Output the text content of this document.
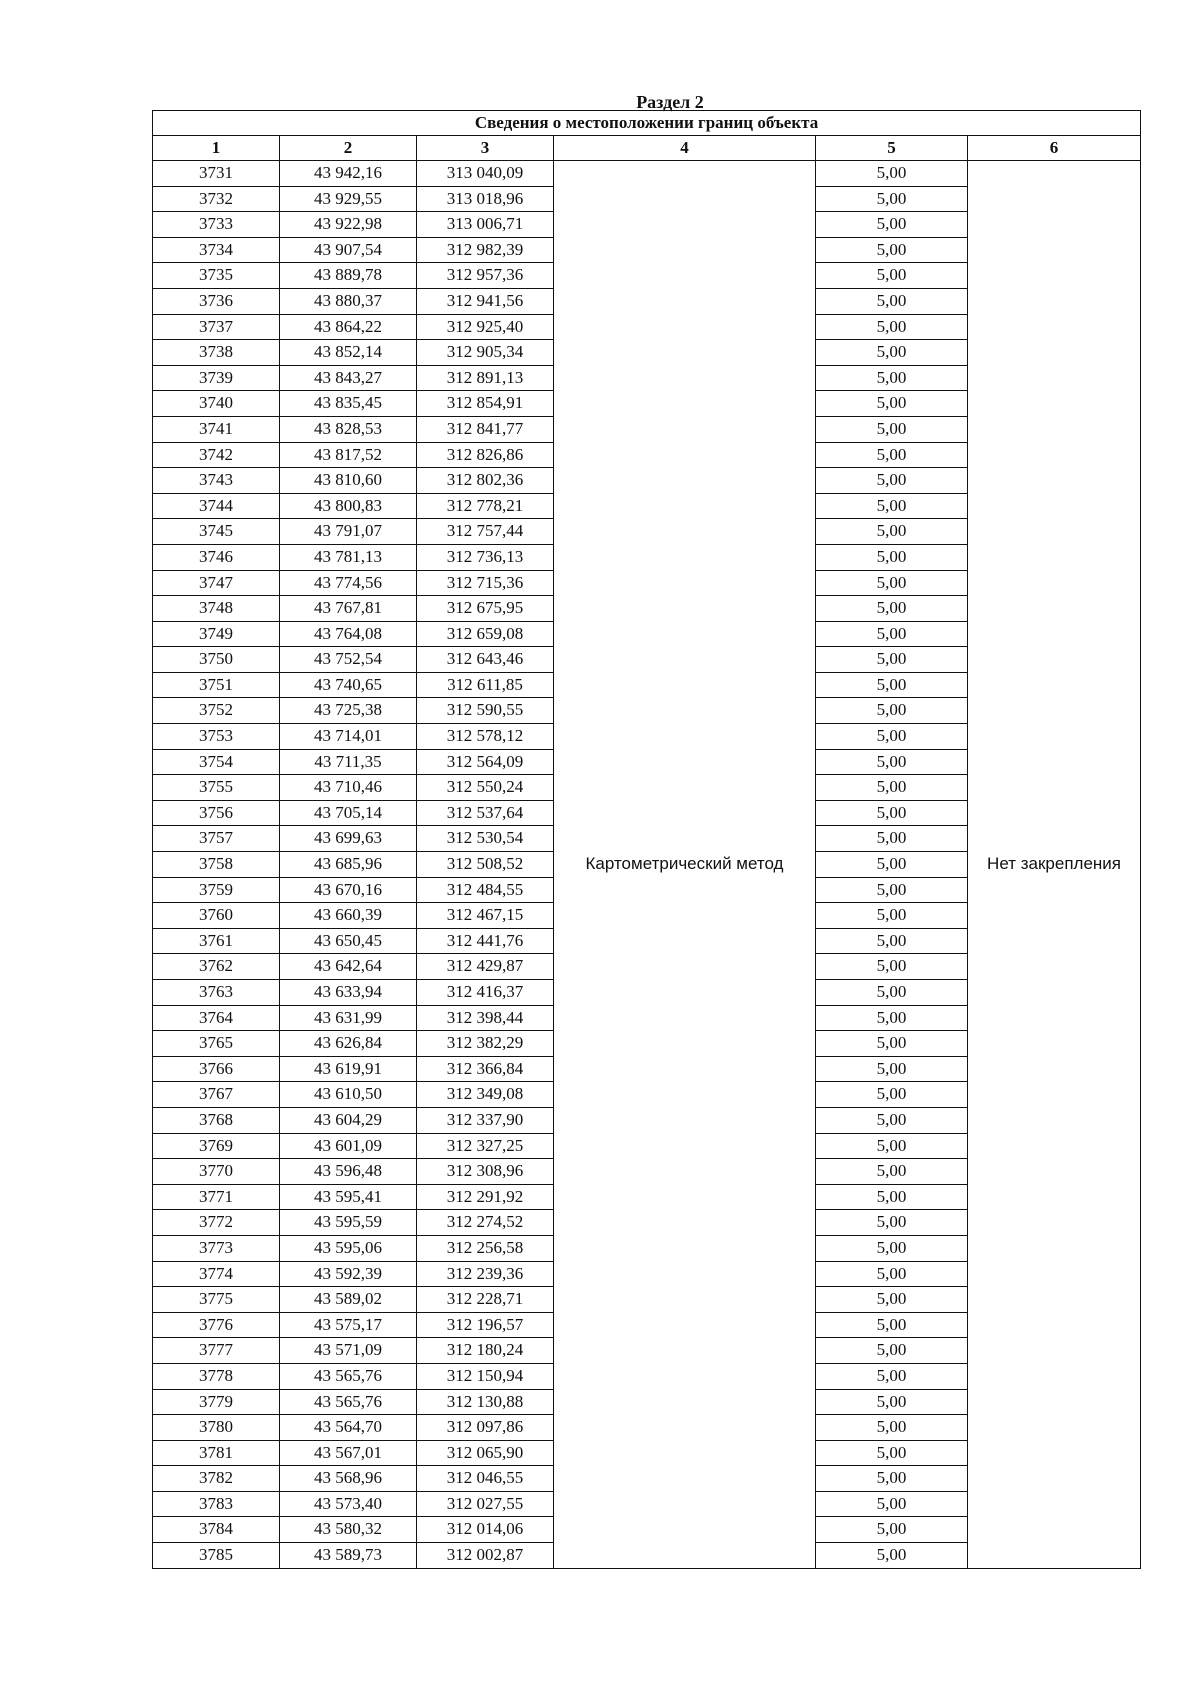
Раздел 2
Сведения о местоположении границ объекта					
1	2	3	4	5	6
3731	43 942,16	313 040,09	Картометрический метод	5,00	Нет закрепления
3732	43 929,55	313 018,96		5,00	
3733	43 922,98	313 006,71		5,00	
3734	43 907,54	312 982,39		5,00	
3735	43 889,78	312 957,36		5,00	
3736	43 880,37	312 941,56		5,00	
3737	43 864,22	312 925,40		5,00	
3738	43 852,14	312 905,34		5,00	
3739	43 843,27	312 891,13		5,00	
3740	43 835,45	312 854,91		5,00	
3741	43 828,53	312 841,77		5,00	
3742	43 817,52	312 826,86		5,00	
3743	43 810,60	312 802,36		5,00	
3744	43 800,83	312 778,21		5,00	
3745	43 791,07	312 757,44		5,00	
3746	43 781,13	312 736,13		5,00	
3747	43 774,56	312 715,36		5,00	
3748	43 767,81	312 675,95		5,00	
3749	43 764,08	312 659,08		5,00	
3750	43 752,54	312 643,46		5,00	
3751	43 740,65	312 611,85		5,00	
3752	43 725,38	312 590,55		5,00	
3753	43 714,01	312 578,12		5,00	
3754	43 711,35	312 564,09		5,00	
3755	43 710,46	312 550,24		5,00	
3756	43 705,14	312 537,64		5,00	
3757	43 699,63	312 530,54		5,00	
3758	43 685,96	312 508,52		5,00	
3759	43 670,16	312 484,55		5,00	
3760	43 660,39	312 467,15		5,00	
3761	43 650,45	312 441,76		5,00	
3762	43 642,64	312 429,87		5,00	
3763	43 633,94	312 416,37		5,00	
3764	43 631,99	312 398,44		5,00	
3765	43 626,84	312 382,29		5,00	
3766	43 619,91	312 366,84		5,00	
3767	43 610,50	312 349,08		5,00	
3768	43 604,29	312 337,90		5,00	
3769	43 601,09	312 327,25		5,00	
3770	43 596,48	312 308,96		5,00	
3771	43 595,41	312 291,92		5,00	
3772	43 595,59	312 274,52		5,00	
3773	43 595,06	312 256,58		5,00	
3774	43 592,39	312 239,36		5,00	
3775	43 589,02	312 228,71		5,00	
3776	43 575,17	312 196,57		5,00	
3777	43 571,09	312 180,24		5,00	
3778	43 565,76	312 150,94		5,00	
3779	43 565,76	312 130,88		5,00	
3780	43 564,70	312 097,86		5,00	
3781	43 567,01	312 065,90		5,00	
3782	43 568,96	312 046,55		5,00	
3783	43 573,40	312 027,55		5,00	
3784	43 580,32	312 014,06		5,00	
3785	43 589,73	312 002,87		5,00	
